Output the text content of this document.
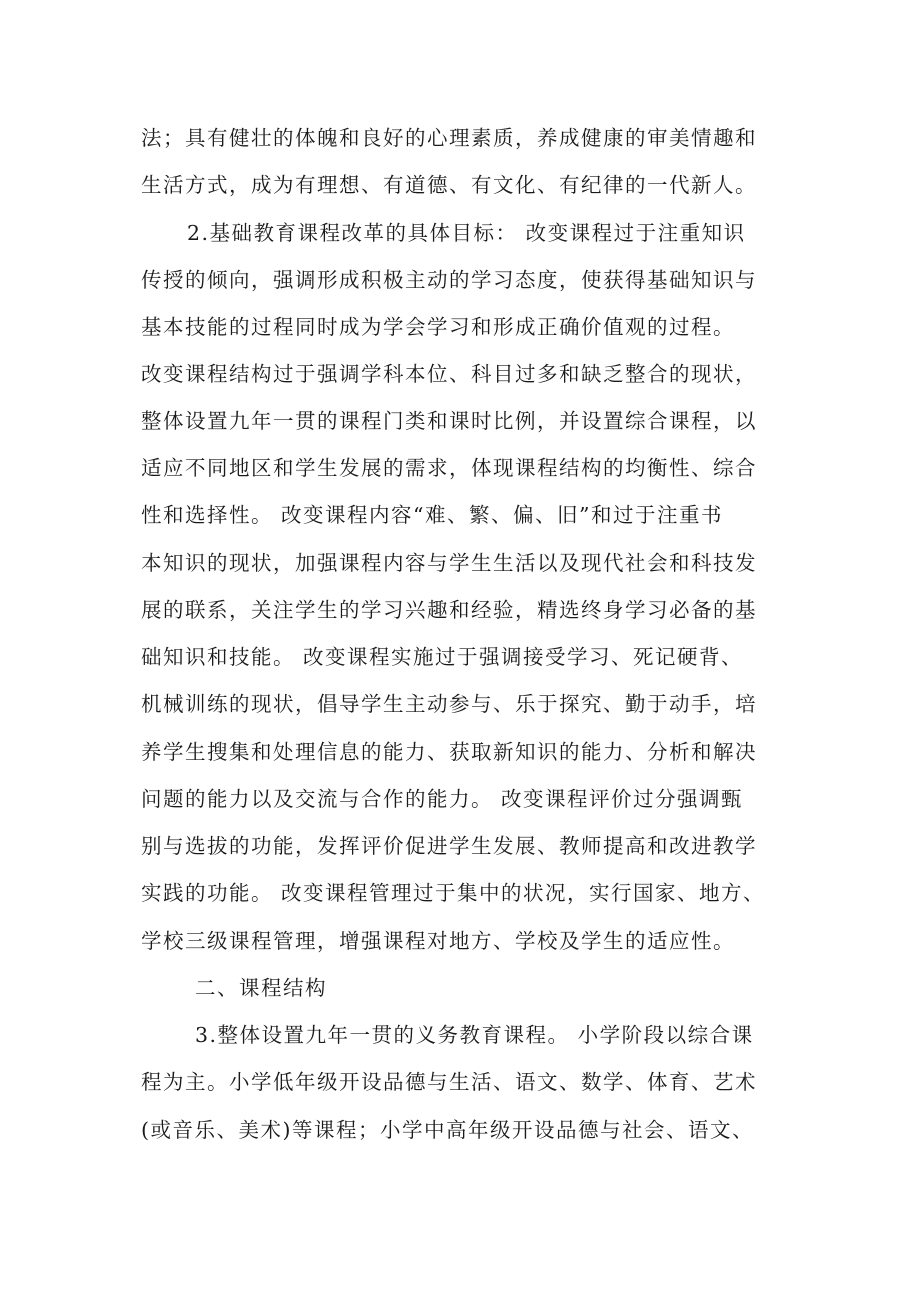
法；具有健壮的体魄和良好的心理素质，养成健康的审美情趣和
生活方式，成为有理想、有道德、有文化、有纪律的一代新人。
2.基础教育课程改革的具体目标： 改变课程过于注重知识
传授的倾向，强调形成积极主动的学习态度，使获得基础知识与
基本技能的过程同时成为学会学习和形成正确价值观的过程。
改变课程结构过于强调学科本位、科目过多和缺乏整合的现状，
整体设置九年一贯的课程门类和课时比例，并设置综合课程，以
适应不同地区和学生发展的需求，体现课程结构的均衡性、综合
性和选择性。 改变课程内容“难、繁、偏、旧”和过于注重书
本知识的现状，加强课程内容与学生生活以及现代社会和科技发
展的联系，关注学生的学习兴趣和经验，精选终身学习必备的基
础知识和技能。 改变课程实施过于强调接受学习、死记硬背、
机械训练的现状，倡导学生主动参与、乐于探究、勤于动手，培
养学生搜集和处理信息的能力、获取新知识的能力、分析和解决
问题的能力以及交流与合作的能力。 改变课程评价过分强调甄
别与选拔的功能，发挥评价促进学生发展、教师提高和改进教学
实践的功能。 改变课程管理过于集中的状况，实行国家、地方、
学校三级课程管理，增强课程对地方、学校及学生的适应性。
二、课程结构
3.整体设置九年一贯的义务教育课程。 小学阶段以综合课
程为主。小学低年级开设品德与生活、语文、数学、体育、艺术
(或音乐、美术)等课程；小学中高年级开设品德与社会、语文、
